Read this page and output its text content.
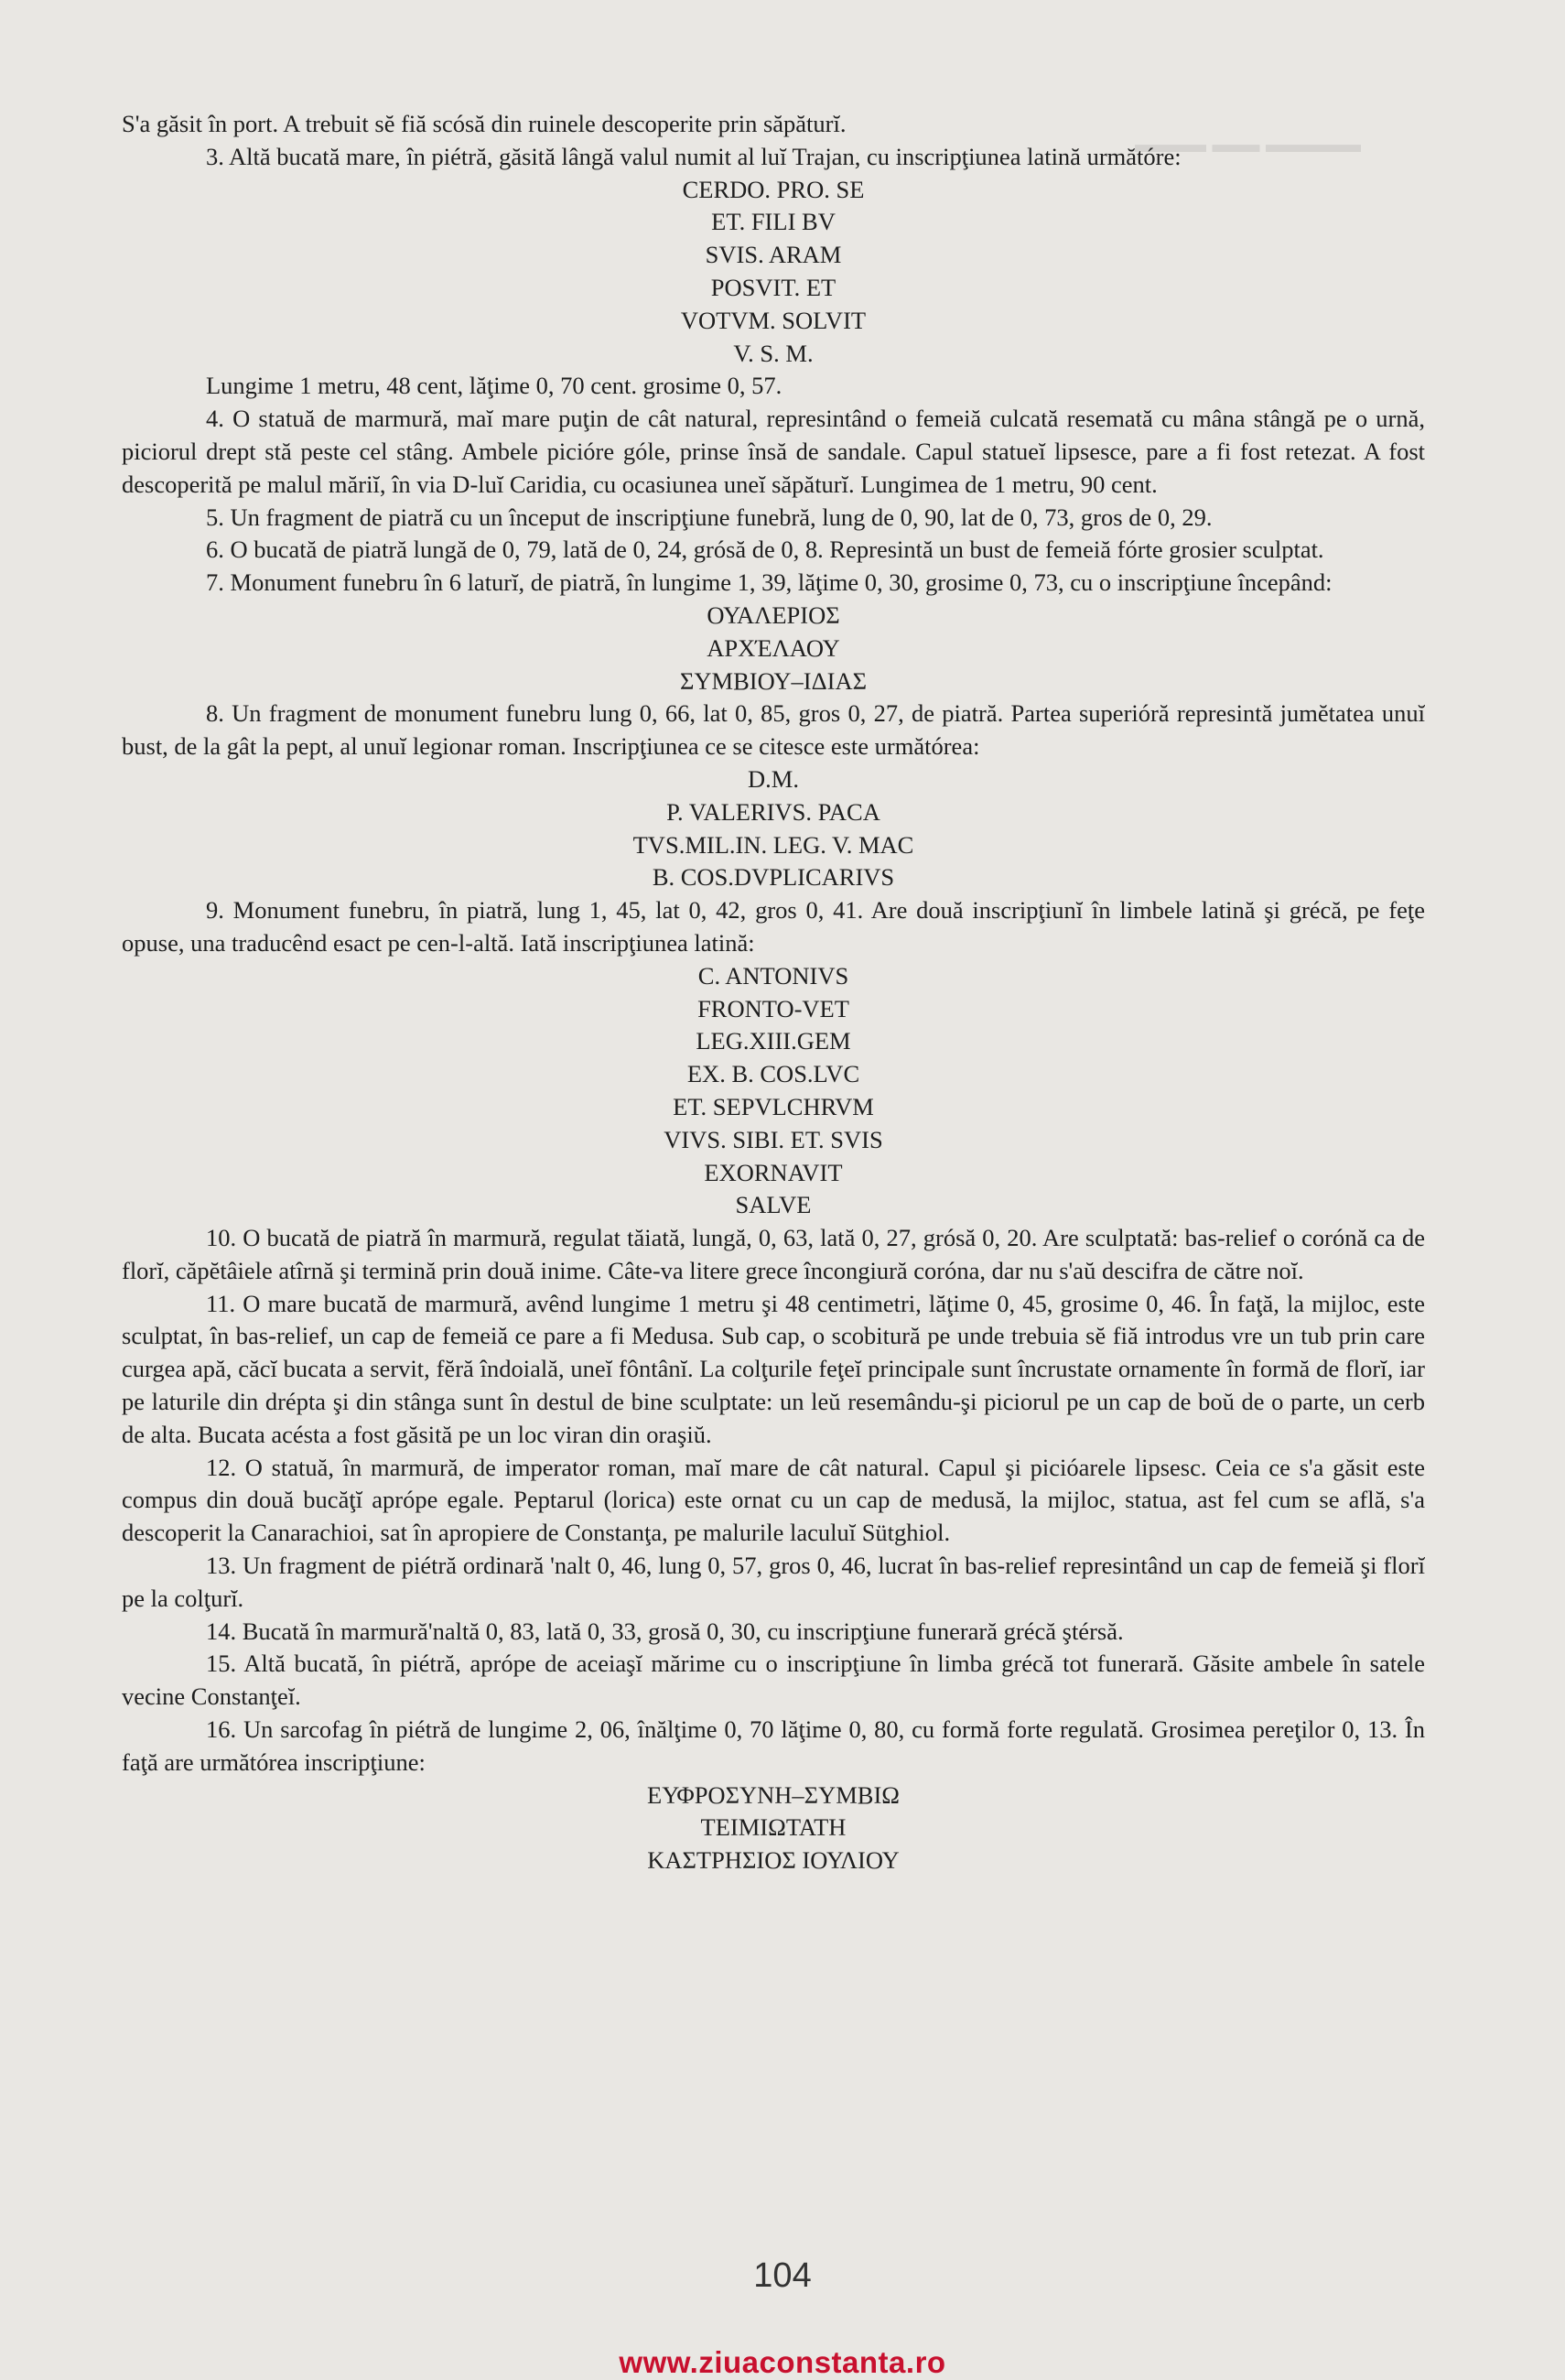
▬▬▬ ▬▬ ▬▬▬▬

S'a găsit în port. A trebuit sĕ fiă scósă din ruinele descoperite prin săpăturĭ.

3. Altă bucată mare, în piétră, găsită lângă valul numit al luĭ Trajan, cu inscripţiunea latină următóre:

CERDO. PRO. SE

ET. FILI BV

SVIS. ARAM

POSVIT. ET

VOTVM. SOLVIT

V. S. M.

Lungime 1 metru, 48 cent, lăţime 0, 70 cent. grosime 0, 57.

4. O statuă de marmură, maĭ mare puţin de cât natural, represintând o femeiă culcată resemată cu mâna stângă pe o urnă, piciorul drept stă peste cel stâng. Ambele picióre góle, prinse însă de sandale. Capul statueĭ lipsesce, pare a fi fost retezat. A fost descoperită pe malul măriĭ, în via D-luĭ Caridia, cu ocasiunea uneĭ săpăturĭ. Lungimea de 1 metru, 90 cent.

5. Un fragment de piatră cu un început de inscripţiune funebră, lung de 0, 90, lat de 0, 73, gros de 0, 29.

6. O bucată de piatră lungă de 0, 79, lată de 0, 24, grósă de 0, 8. Represintă un bust de femeiă fórte grosier sculptat.

7. Monument funebru în 6 laturĭ, de piatră, în lungime 1, 39, lăţime 0, 30, grosime 0, 73, cu o inscripţiune începând:

ΟΥΑΛΕΡΙΟΣ

ΑΡΧΈΛΑΟΥ

ΣΥΜΒΙΟΥ–ΙΔΙΑΣ

8. Un fragment de monument funebru lung 0, 66, lat 0, 85, gros 0, 27, de piatră. Partea superióră represintă jumĕtatea unuĭ bust, de la gât la pept, al unuĭ legionar roman. Inscripţiunea ce se citesce este următórea:

D.M.

P. VALERIVS. PACA

TVS.MIL.IN. LEG. V. MAC

B. COS.DVPLICARIVS

9. Monument funebru, în piatră, lung 1, 45, lat 0, 42, gros 0, 41. Are două inscripţiunĭ în limbele latină şi grécă, pe feţe opuse, una traducênd esact pe cen-l-altă. Iată inscripţiunea latină:

C. ANTONIVS

FRONTO-VET

LEG.XIII.GEM

EX. B. COS.LVC

ET. SEPVLCHRVM

VIVS. SIBI. ET. SVIS

EXORNAVIT

SALVE

10. O bucată de piatră în marmură, regulat tăiată, lungă, 0, 63, lată 0, 27, grósă 0, 20. Are sculptată: bas-relief o corónă ca de florĭ, căpĕtâiele atîrnă şi termină prin două inime. Câte-va litere grece încongiură coróna, dar nu s'aŭ descifra de către noĭ.

11. O mare bucată de marmură, avênd lungime 1 metru şi 48 centimetri, lăţime 0, 45, grosime 0, 46. În faţă, la mijloc, este sculptat, în bas-relief, un cap de femeiă ce pare a fi Medusa. Sub cap, o scobitură pe unde trebuia sĕ fiă introdus vre un tub prin care curgea apă, căcĭ bucata a servit, fĕră îndoială, uneĭ fôntânĭ. La colţurile feţeĭ principale sunt încrustate ornamente în formă de florĭ, iar pe laturile din drépta şi din stânga sunt în destul de bine sculptate: un leŭ resemându-şi piciorul pe un cap de boŭ de o parte, un cerb de alta. Bucata acésta a fost găsită pe un loc viran din oraşiŭ.

12. O statuă, în marmură, de imperator roman, maĭ mare de cât natural. Capul şi picióarele lipsesc. Ceia ce s'a găsit este compus din două bucăţĭ aprópe egale. Peptarul (lorica) este ornat cu un cap de medusă, la mijloc, statua, ast fel cum se află, s'a descoperit la Canarachioi, sat în apropiere de Constanţa, pe malurile laculuĭ Sütghiol.

13. Un fragment de piétră ordinară 'nalt 0, 46, lung 0, 57, gros 0, 46, lucrat în bas-relief represintând un cap de femeiă şi florĭ pe la colţurĭ.

14. Bucată în marmură'naltă 0, 83, lată 0, 33, grosă 0, 30, cu inscripţiune funerară grécă ştérsă.

15. Altă bucată, în piétră, aprópe de aceiaşĭ mărime cu o inscripţiune în limba grécă tot funerară. Găsite ambele în satele vecine Constanţeĭ.

16. Un sarcofag în piétră de lungime 2, 06, înălţime 0, 70 lăţime 0, 80, cu formă forte regulată. Grosimea pereţilor 0, 13. În faţă are următórea inscripţiune:

ΕΥΦΡΟΣΥΝΗ–ΣΥΜΒΙΩ

ΤΕΙΜΙΩΤΑΤΗ

ΚΑΣΤΡΗΣΙΟΣ ΙΟΥΛΙΟΥ

104
www.ziuaconstanta.ro
